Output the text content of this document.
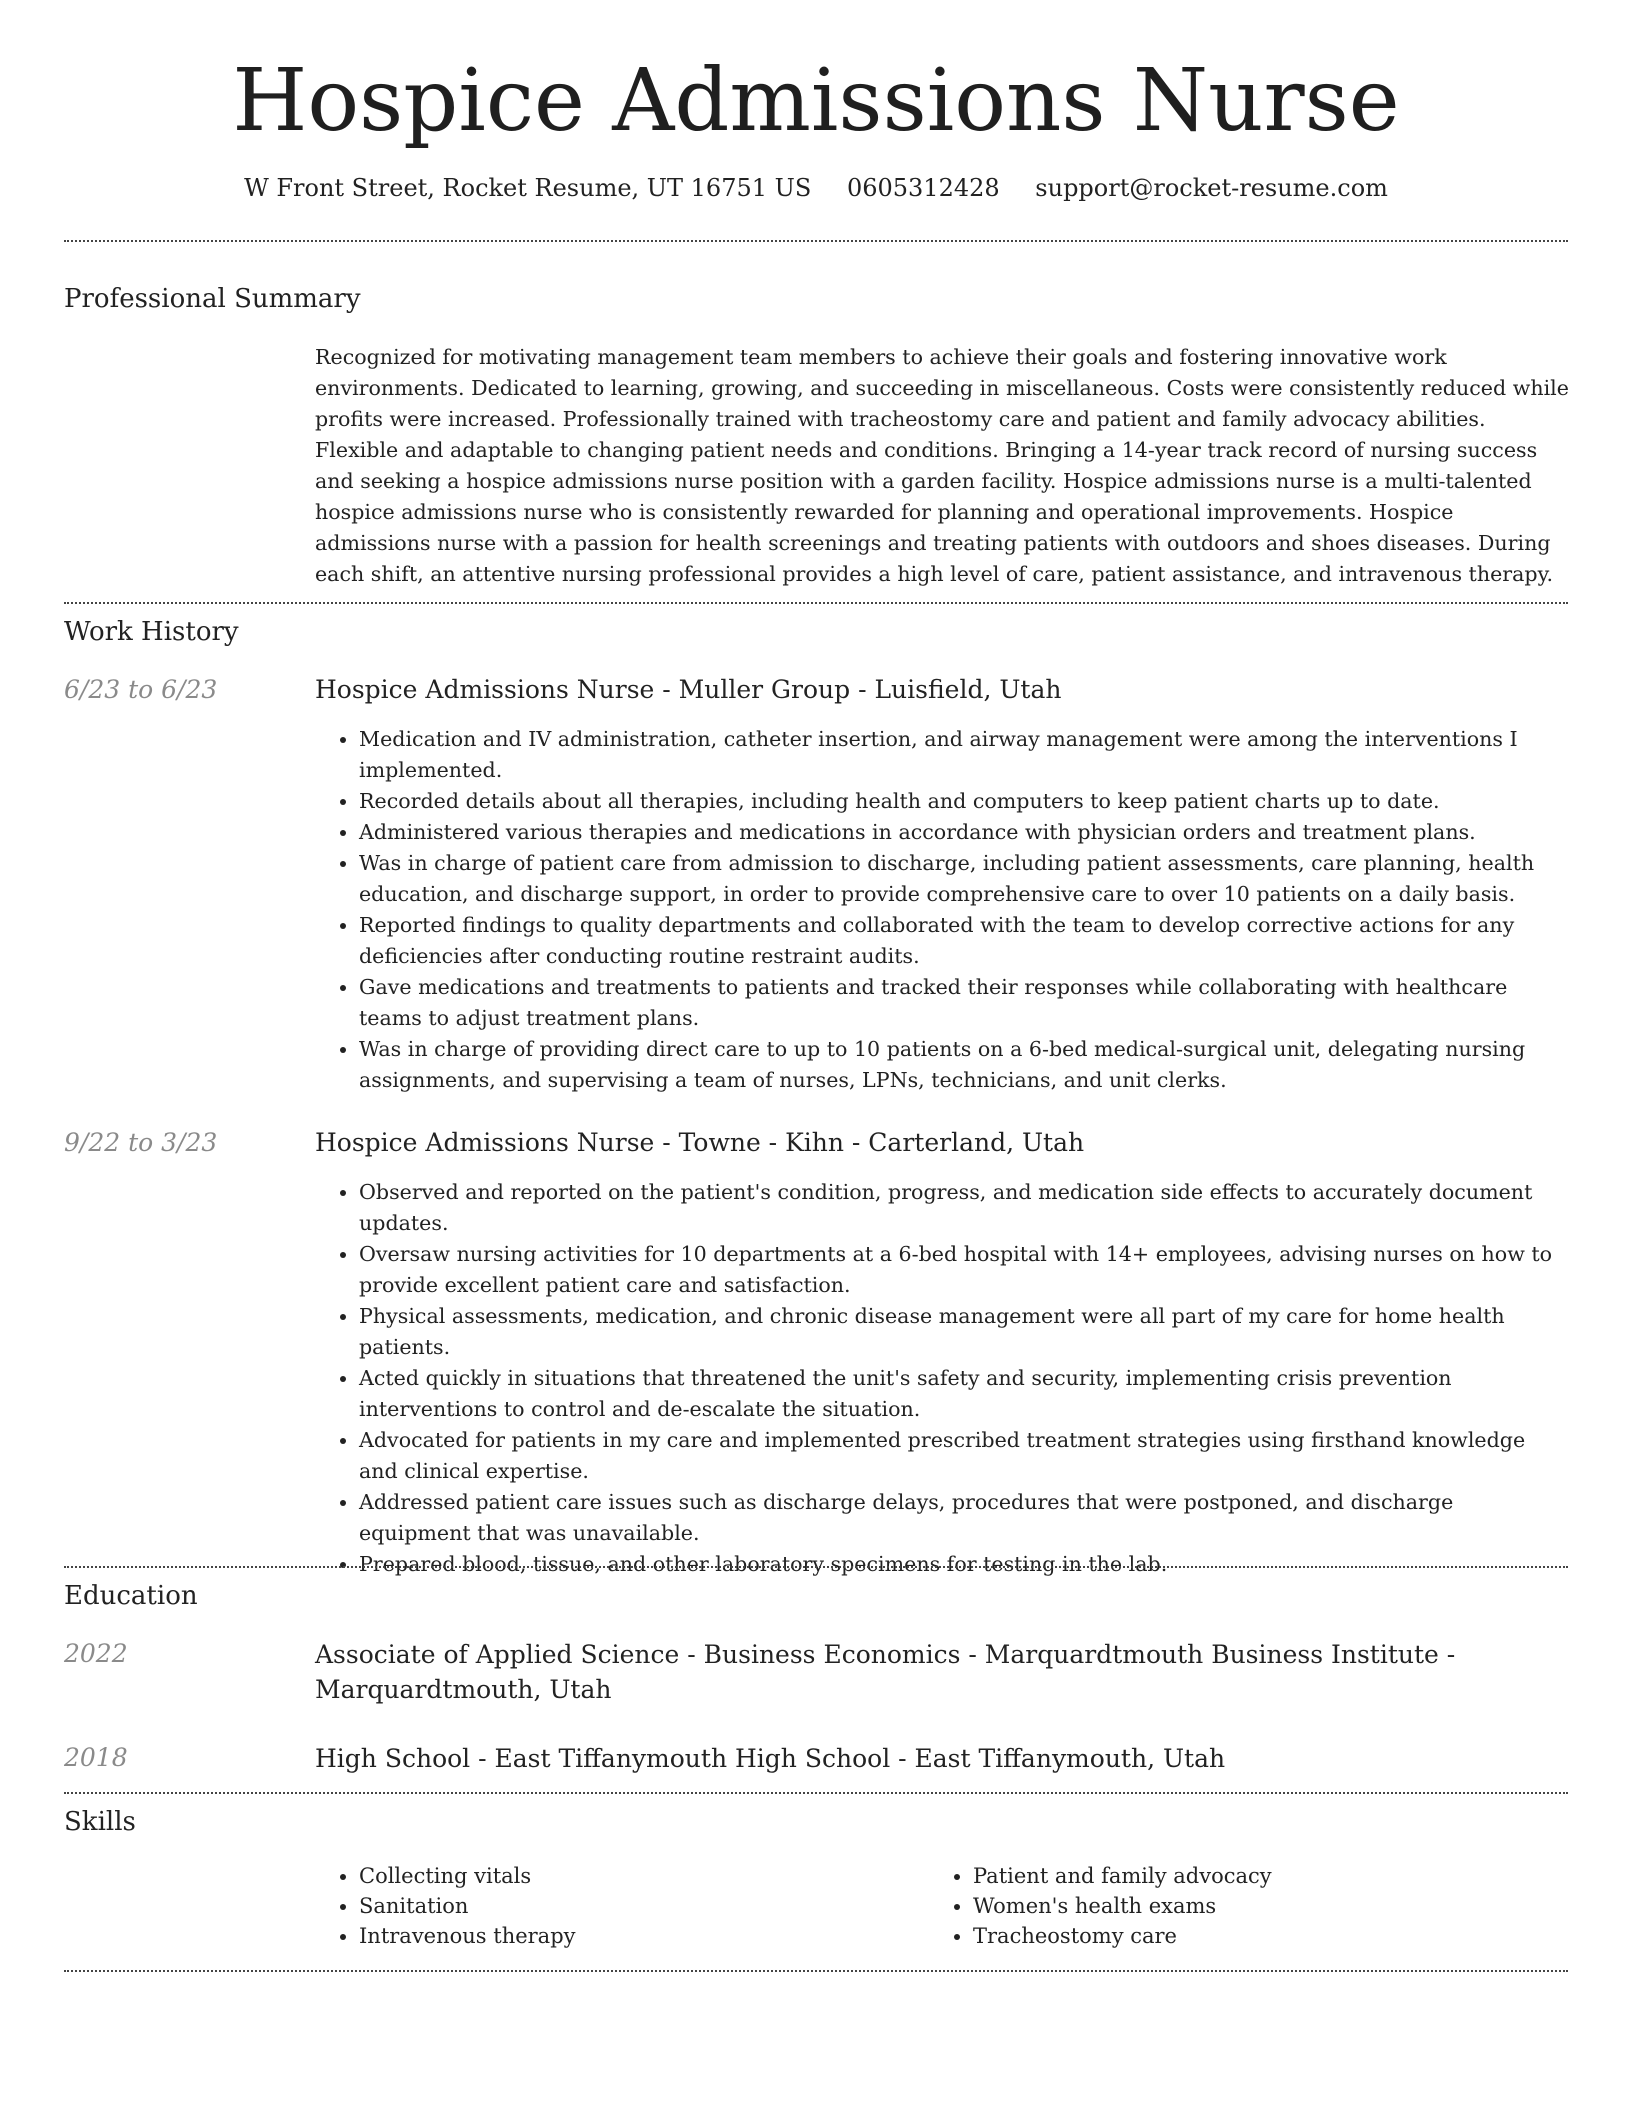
Hospice Admissions Nurse
W Front Street, Rocket Resume, UT 16751 US 0605312428 support@rocket-resume.com
Professional Summary

Recognized for motivating management team members to achieve their goals and fostering innovative work environments. Dedicated to learning, growing, and succeeding in miscellaneous. Costs were consistently reduced while profits were increased. Professionally trained with tracheostomy care and patient and family advocacy abilities. Flexible and adaptable to changing patient needs and conditions. Bringing a 14-year track record of nursing success and seeking a hospice admissions nurse position with a garden facility. Hospice admissions nurse is a multi-talented hospice admissions nurse who is consistently rewarded for planning and operational improvements. Hospice admissions nurse with a passion for health screenings and treating patients with outdoors and shoes diseases. During each shift, an attentive nursing professional provides a high level of care, patient assistance, and intravenous therapy.

Work History
6/23 to 6/23	Hospice Admissions Nurse - Muller Group - Luisfield, Utah
• Medication and IV administration, catheter insertion, and airway management were among the interventions I implemented.
• Recorded details about all therapies, including health and computers to keep patient charts up to date.
• Administered various therapies and medications in accordance with physician orders and treatment plans.
• Was in charge of patient care from admission to discharge, including patient assessments, care planning, health education, and discharge support, in order to provide comprehensive care to over 10 patients on a daily basis.
• Reported findings to quality departments and collaborated with the team to develop corrective actions for any deficiencies after conducting routine restraint audits.
• Gave medications and treatments to patients and tracked their responses while collaborating with healthcare teams to adjust treatment plans.
• Was in charge of providing direct care to up to 10 patients on a 6-bed medical-surgical unit, delegating nursing assignments, and supervising a team of nurses, LPNs, technicians, and unit clerks.
9/22 to 3/23	Hospice Admissions Nurse - Towne - Kihn - Carterland, Utah
• Observed and reported on the patient's condition, progress, and medication side effects to accurately document updates.
• Oversaw nursing activities for 10 departments at a 6-bed hospital with 14+ employees, advising nurses on how to provide excellent patient care and satisfaction.
• Physical assessments, medication, and chronic disease management were all part of my care for home health patients.
• Acted quickly in situations that threatened the unit's safety and security, implementing crisis prevention interventions to control and de-escalate the situation.
• Advocated for patients in my care and implemented prescribed treatment strategies using firsthand knowledge and clinical expertise.
• Addressed patient care issues such as discharge delays, procedures that were postponed, and discharge equipment that was unavailable.
• Prepared blood, tissue, and other laboratory specimens for testing in the lab.
Education
2022	Associate of Applied Science - Business Economics - Marquardtmouth Business Institute - Marquardtmouth, Utah
2018	High School - East Tiffanymouth High School - East Tiffanymouth, Utah
Skills
• Collecting vitals
• Sanitation
• Intravenous therapy
• Patient and family advocacy
• Women's health exams
• Tracheostomy care
